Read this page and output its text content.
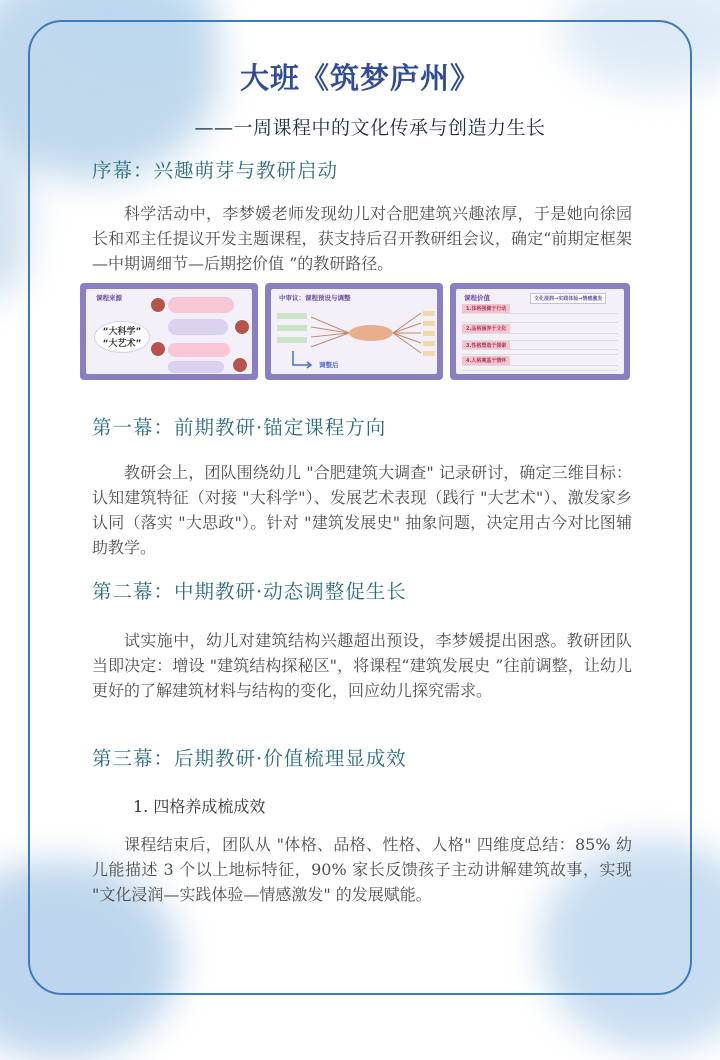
大班《筑梦庐州》
——一周课程中的文化传承与创造力生长
序幕：兴趣萌芽与教研启动

科学活动中，李梦媛老师发现幼儿对合肥建筑兴趣浓厚，于是她向徐园长和邓主任提议开发主题课程，获支持后召开教研组会议，确定“前期定框架—中期调细节—后期挖价值 ”的教研路径。

课程来源
“大科学”
“大艺术”
中审议：课程预设与调整
调整后
课程价值	文化浸润→实践体验→情感激发
1.体格强健于行动
2.品格涵养于文化
3.性格塑造于探索
4.人格奠基于情怀
第一幕：前期教研·锚定课程方向

教研会上，团队围绕幼儿 "合肥建筑大调查" 记录研讨，确定三维目标：认知建筑特征（对接 "大科学"）、发展艺术表现（践行 "大艺术"）、激发家乡认同（落实 "大思政"）。针对 "建筑发展史" 抽象问题，决定用古今对比图辅助教学。

第二幕：中期教研·动态调整促生长

试实施中，幼儿对建筑结构兴趣超出预设，李梦媛提出困惑。教研团队当即决定：增设 "建筑结构探秘区"，将课程“建筑发展史 ”往前调整，让幼儿更好的了解建筑材料与结构的变化，回应幼儿探究需求。

第三幕：后期教研·价值梳理显成效
1. 四格养成梳成效

课程结束后，团队从 "体格、品格、性格、人格" 四维度总结：85% 幼儿能描述 3 个以上地标特征，90% 家长反馈孩子主动讲解建筑故事，实现 "文化浸润—实践体验—情感激发" 的发展赋能。
